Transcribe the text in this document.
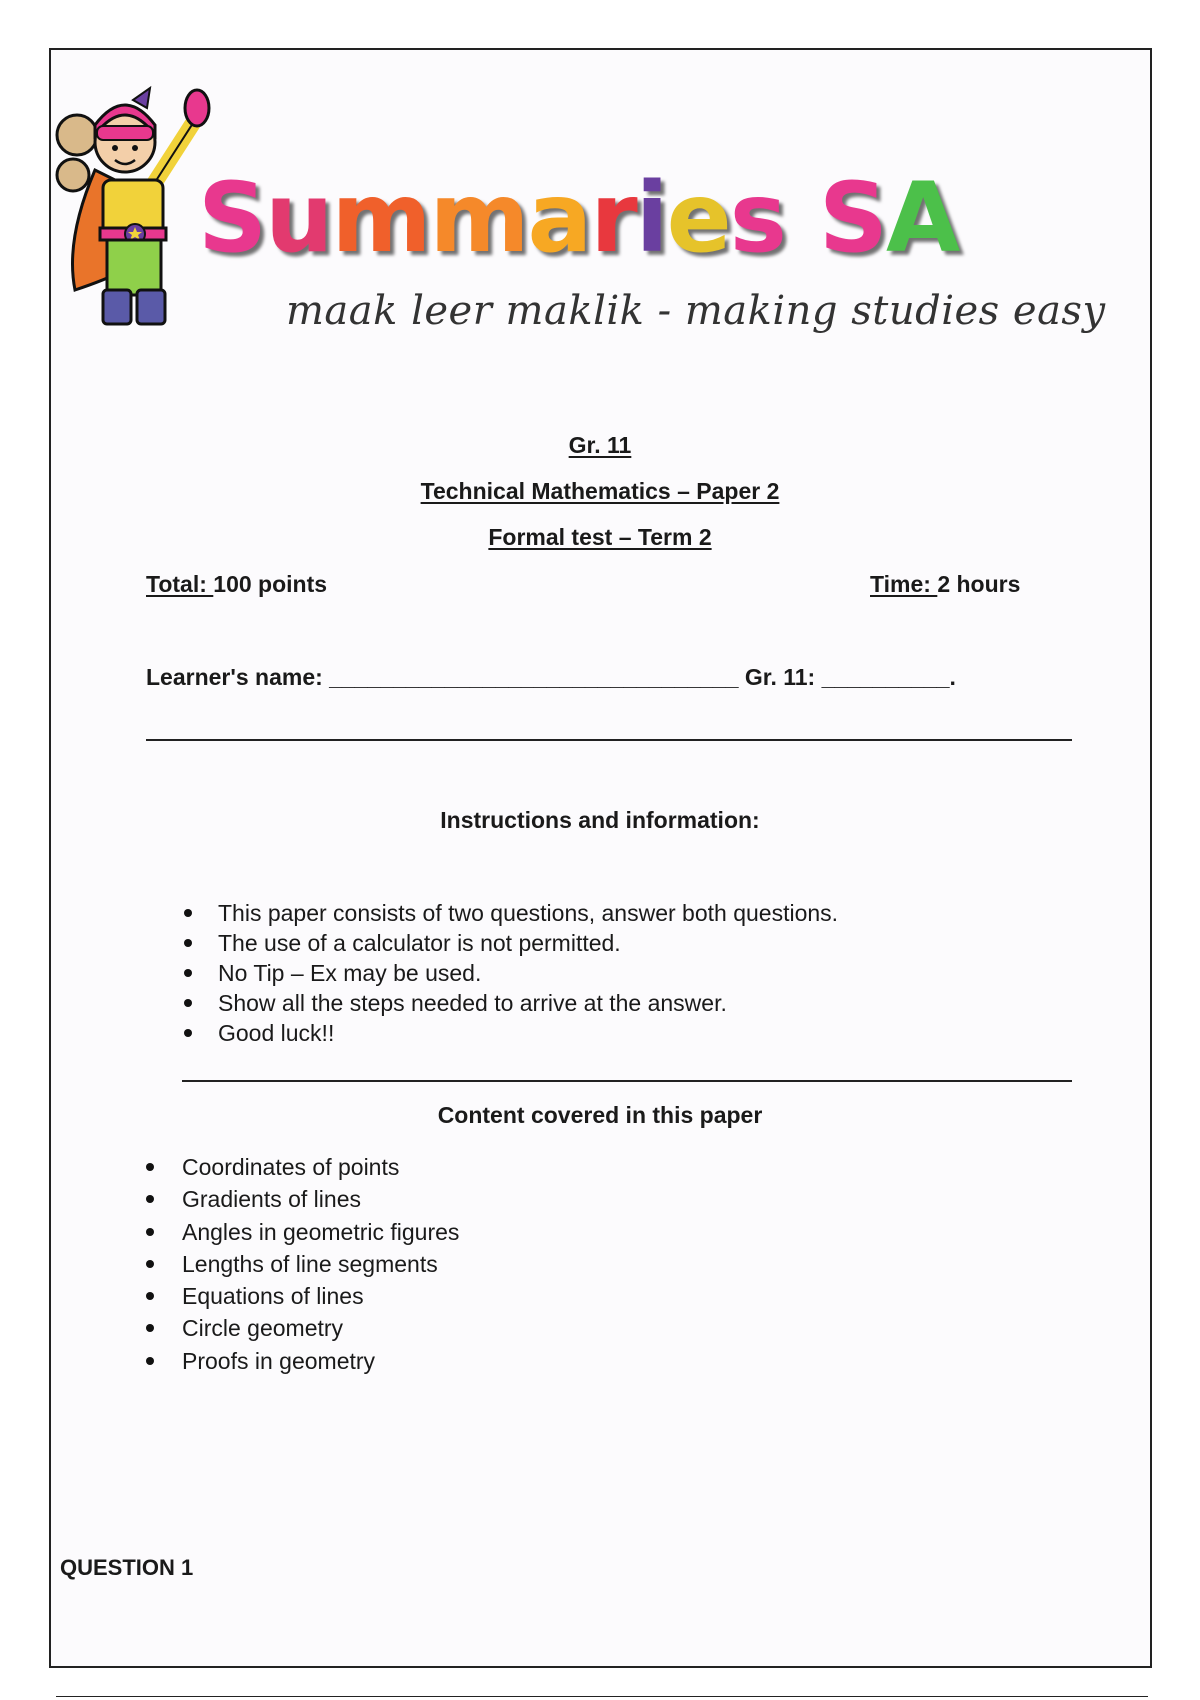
Summaries SA
maak leer maklik - making studies easy
Gr. 11
Technical Mathematics – Paper 2
Formal test – Term 2
Total: 100 points	Time: 2 hours
Learner's name: ________________________________ Gr. 11: __________.
Instructions and information:
This paper consists of two questions, answer both questions.
The use of a calculator is not permitted.
No Tip – Ex may be used.
Show all the steps needed to arrive at the answer.
Good luck!!
Content covered in this paper
Coordinates of points
Gradients of lines
Angles in geometric figures
Lengths of line segments
Equations of lines
Circle geometry
Proofs in geometry
QUESTION 1
